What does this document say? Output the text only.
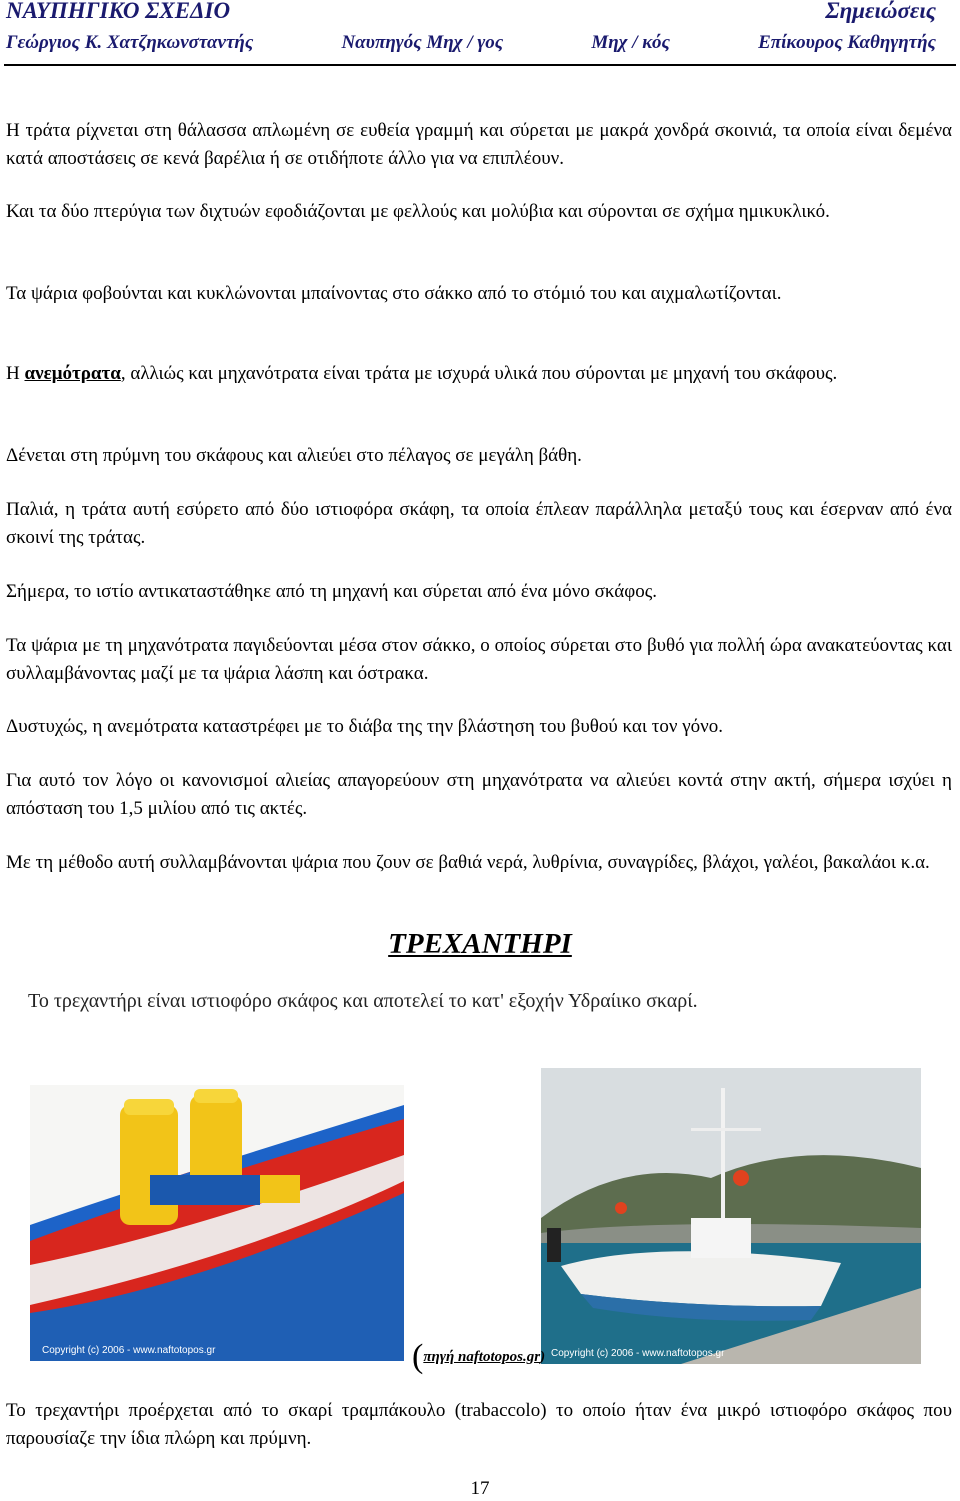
ΝΑΥΠΗΓΙΚΟ ΣΧΕΔΙΟ	Σημειώσεις
Γεώργιος Κ. Χατζηκωνσταντής	Ναυπηγός Μηχ / γος	Μηχ / κός	Επίκουρος Καθηγητής

Η τράτα ρίχνεται στη θάλασσα απλωμένη σε ευθεία γραμμή και σύρεται με μακρά χονδρά σκοινιά, τα οποία είναι δεμένα κατά αποστάσεις σε κενά βαρέλια ή σε οτιδήποτε άλλο για να επιπλέουν.

Και τα δύο πτερύγια των διχτυών εφοδιάζονται με φελλούς και μολύβια και σύρονται σε σχήμα ημικυκλικό.

Τα ψάρια φοβούνται και κυκλώνονται μπαίνοντας στο σάκκο από το στόμιό του και αιχμαλωτίζονται.

Η ανεμότρατα, αλλιώς και μηχανότρατα είναι τράτα με ισχυρά υλικά που σύρονται με μηχανή του σκάφους.

Δένεται στη πρύμνη του σκάφους και αλιεύει στο πέλαγος σε μεγάλη βάθη.

Παλιά, η τράτα αυτή εσύρετο από δύο ιστιοφόρα σκάφη, τα οποία έπλεαν παράλληλα μεταξύ τους και έσερναν από ένα σκοινί της τράτας.

Σήμερα, το ιστίο αντικαταστάθηκε από τη μηχανή και σύρεται από ένα μόνο σκάφος.

Τα ψάρια με τη μηχανότρατα παγιδεύονται μέσα στον σάκκο, ο οποίος σύρεται στο βυθό για πολλή ώρα ανακατεύοντας και συλλαμβάνοντας μαζί με τα ψάρια λάσπη και όστρακα.

Δυστυχώς, η ανεμότρατα καταστρέφει με το διάβα της την βλάστηση του βυθού και τον γόνο.

Για αυτό τον λόγο οι κανονισμοί αλιείας απαγορεύουν στη μηχανότρατα να αλιεύει κοντά στην ακτή, σήμερα ισχύει η απόσταση του 1,5 μιλίου από τις ακτές.

Με τη μέθοδο αυτή συλλαμβάνονται ψάρια που ζουν σε βαθιά νερά, λυθρίνια, συναγρίδες, βλάχοι, γαλέοι, βακαλάοι κ.α.

ΤΡΕΧΑΝΤΗΡΙ
Το τρεχαντήρι είναι ιστιοφόρο σκάφος και αποτελεί το κατ' εξοχήν Υδραίικο σκαρί.
Copyright (c) 2006 - www.naftotopos.gr	Copyright (c) 2006 - www.naftotopos.gr
(πηγή naftotopos.gr)

Το τρεχαντήρι προέρχεται από το σκαρί τραμπάκουλο (trabaccolo) το οποίο ήταν ένα μικρό ιστιοφόρο σκάφος που παρουσίαζε την ίδια πλώρη και πρύμνη.

17
